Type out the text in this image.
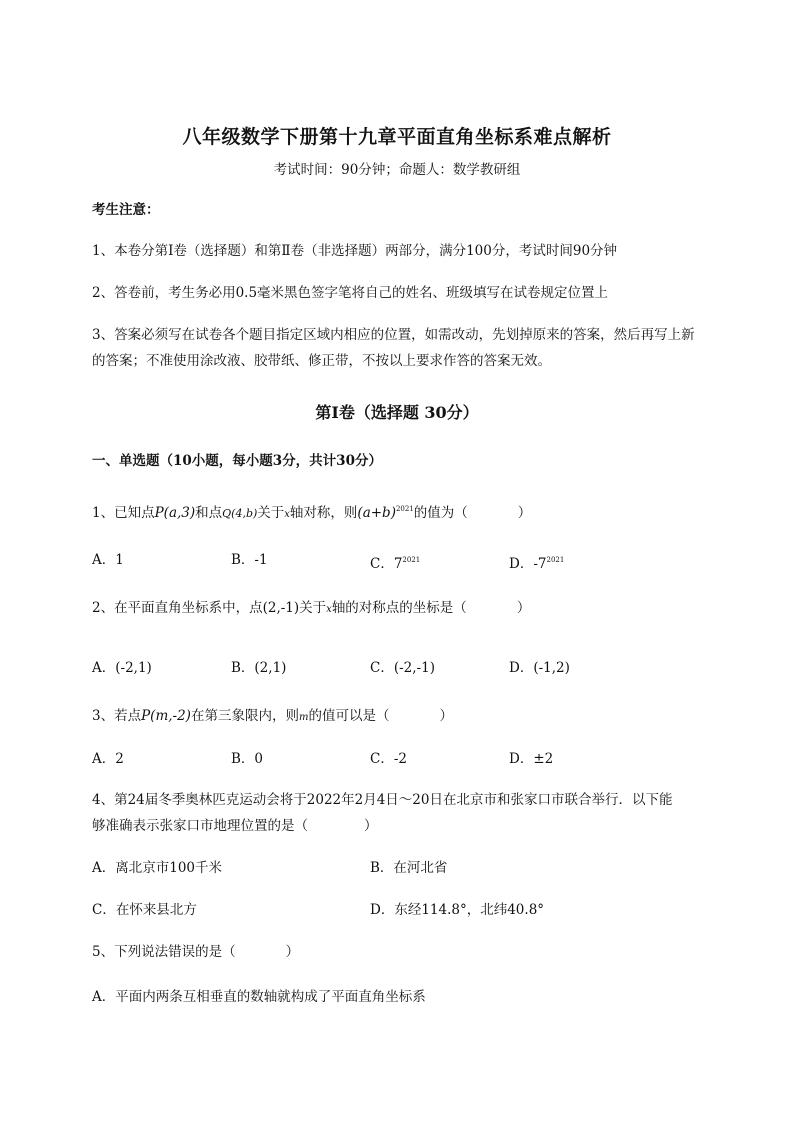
八年级数学下册第十九章平面直角坐标系难点解析
考试时间：90分钟；命题人：数学教研组
考生注意：
1、本卷分第I卷（选择题）和第Ⅱ卷（非选择题）两部分，满分100分，考试时间90分钟
2、答卷前，考生务必用0.5毫米黑色签字笔将自己的姓名、班级填写在试卷规定位置上
3、答案必须写在试卷各个题目指定区域内相应的位置，如需改动，先划掉原来的答案，然后再写上新
的答案；不准使用涂改液、胶带纸、修正带，不按以上要求作答的答案无效。
第I卷（选择题 30分）
一、单选题（10小题，每小题3分，共计30分）
1、已知点P(a,3)和点Q(4,b)关于x轴对称，则$(a+b)^{2021}$的值为（	）
A．1	B．-1	C．$7^{2021}$	D．$-7^{2021}$
2、在平面直角坐标系中，点(2,-1)关于x轴的对称点的坐标是（	）
A．(-2,1)	B．(2,1)	C．(-2,-1)	D．(-1,2)
3、若点P(m,-2)在第三象限内，则m的值可以是（	）
A．2	B．0	C．-2	D．±2
4、第24届冬季奥林匹克运动会将于2022年2月4日～20日在北京市和张家口市联合举行．以下能
够准确表示张家口市地理位置的是（	）
A．离北京市100千米	B．在河北省
C．在怀来县北方	D．东经114.8°，北纬40.8°
5、下列说法错误的是（	）
A．平面内两条互相垂直的数轴就构成了平面直角坐标系
